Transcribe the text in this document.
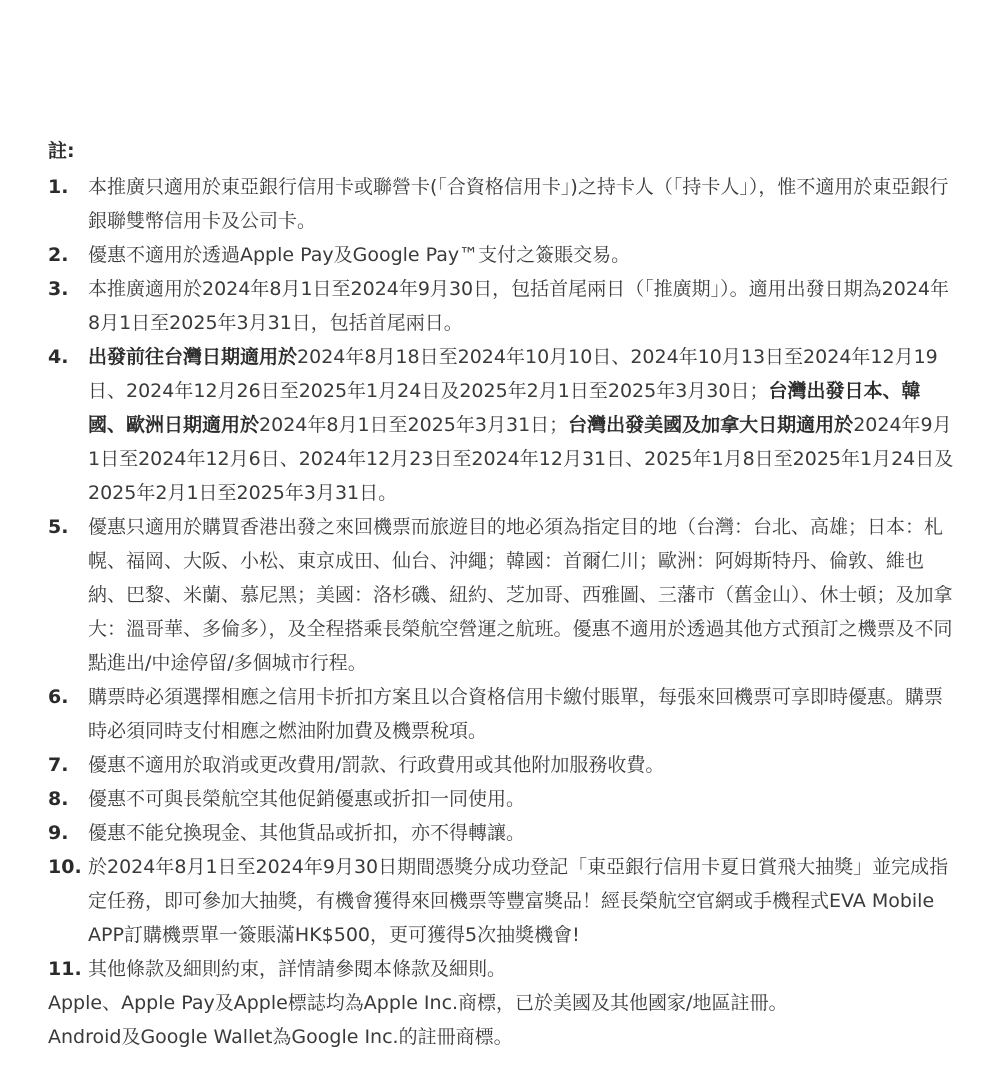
註:
1. 本推廣只適用於東亞銀行信用卡或聯營卡(「合資格信用卡」)之持卡人（「持卡人」），惟不適用於東亞銀行銀聯雙幣信用卡及公司卡。
2. 優惠不適用於透過Apple Pay及Google Pay™支付之簽賬交易。
3. 本推廣適用於2024年8月1日至2024年9月30日，包括首尾兩日（「推廣期」）。適用出發日期為2024年8月1日至2025年3月31日，包括首尾兩日。
4. 出發前往台灣日期適用於2024年8月18日至2024年10月10日、2024年10月13日至2024年12月19日、2024年12月26日至2025年1月24日及2025年2月1日至2025年3月30日；台灣出發日本、韓國、歐洲日期適用於2024年8月1日至2025年3月31日；台灣出發美國及加拿大日期適用於2024年9月1日至2024年12月6日、2024年12月23日至2024年12月31日、2025年1月8日至2025年1月24日及2025年2月1日至2025年3月31日。
5. 優惠只適用於購買香港出發之來回機票而旅遊目的地必須為指定目的地（台灣：台北、高雄；日本：札幌、福岡、大阪、小松、東京成田、仙台、沖繩；韓國：首爾仁川；歐洲：阿姆斯特丹、倫敦、維也納、巴黎、米蘭、慕尼黑；美國：洛杉磯、紐約、芝加哥、西雅圖、三藩市（舊金山）、休士頓；及加拿大：溫哥華、多倫多），及全程搭乘長榮航空營運之航班。優惠不適用於透過其他方式預訂之機票及不同點進出/中途停留/多個城市行程。
6. 購票時必須選擇相應之信用卡折扣方案且以合資格信用卡繳付賬單，每張來回機票可享即時優惠。購票時必須同時支付相應之燃油附加費及機票稅項。
7. 優惠不適用於取消或更改費用/罰款、行政費用或其他附加服務收費。
8. 優惠不可與長榮航空其他促銷優惠或折扣一同使用。
9. 優惠不能兌換現金、其他貨品或折扣，亦不得轉讓。
10. 於2024年8月1日至2024年9月30日期間憑獎分成功登記「東亞銀行信用卡夏日賞飛大抽獎」並完成指定任務，即可參加大抽獎，有機會獲得來回機票等豐富獎品！經長榮航空官網或手機程式EVA Mobile APP訂購機票單一簽賬滿HK$500，更可獲得5次抽獎機會!
11. 其他條款及細則約束，詳情請參閱本條款及細則。
Apple、Apple Pay及Apple標誌均為Apple Inc.商標，已於美國及其他國家/地區註冊。
Android及Google Wallet為Google Inc.的註冊商標。
